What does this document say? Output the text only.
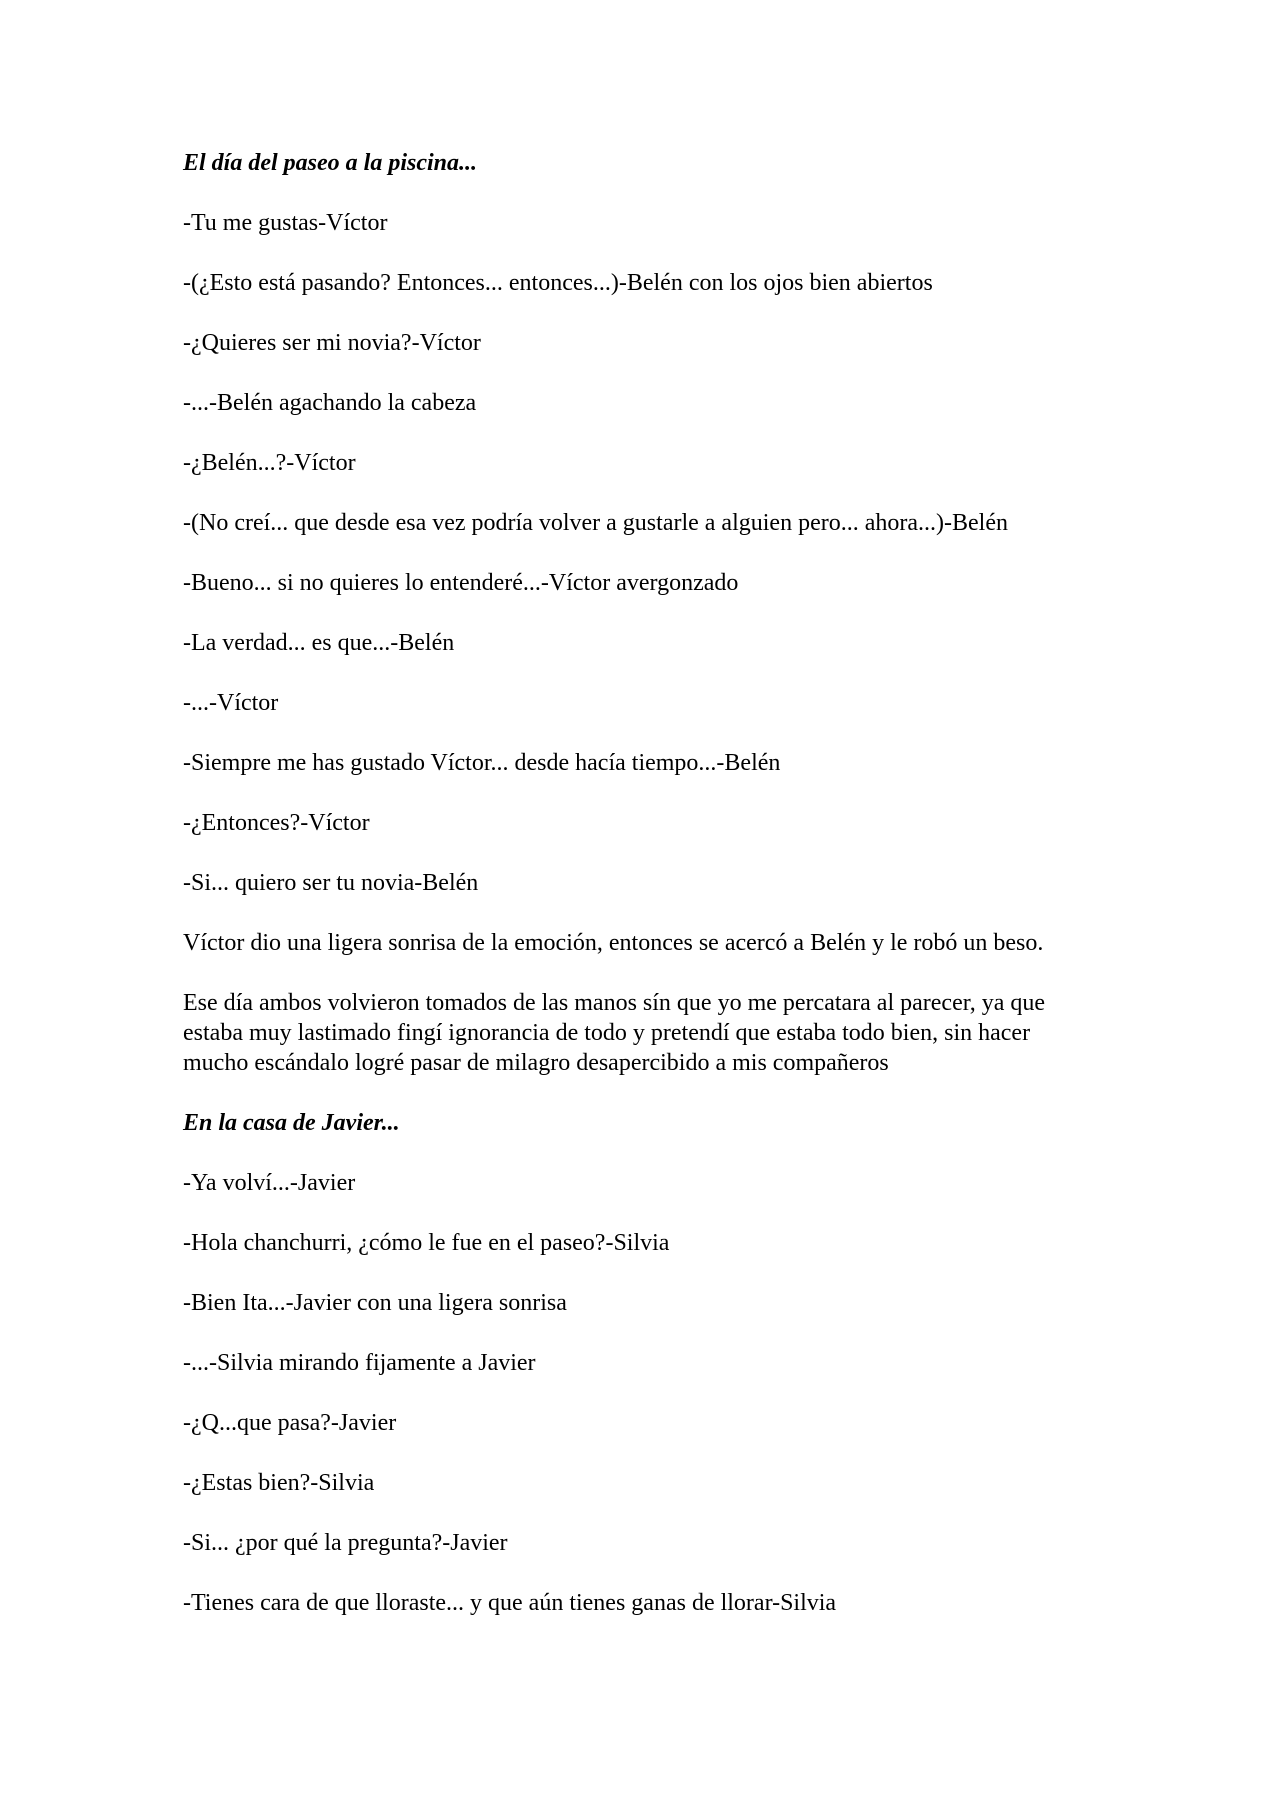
El día del paseo a la piscina...
-Tu me gustas-Víctor
-(¿Esto está pasando? Entonces... entonces...)-Belén con los ojos bien abiertos
-¿Quieres ser mi novia?-Víctor
-...-Belén agachando la cabeza
-¿Belén...?-Víctor
-(No creí... que desde esa vez podría volver a gustarle a alguien pero... ahora...)-Belén
-Bueno... si no quieres lo entenderé...-Víctor avergonzado
-La verdad... es que...-Belén
-...-Víctor
-Siempre me has gustado Víctor... desde hacía tiempo...-Belén
-¿Entonces?-Víctor
-Si... quiero ser tu novia-Belén
Víctor dio una ligera sonrisa de la emoción, entonces se acercó a Belén y le robó un beso.
Ese día ambos volvieron tomados de las manos sín que yo me percatara al parecer, ya que estaba muy lastimado fingí ignorancia de todo y pretendí que estaba todo bien, sin hacer mucho escándalo logré pasar de milagro desapercibido a mis compañeros
En la casa de Javier...
-Ya volví...-Javier
-Hola chanchurri, ¿cómo le fue en el paseo?-Silvia
-Bien Ita...-Javier con una ligera sonrisa
-...-Silvia mirando fijamente a Javier
-¿Q...que pasa?-Javier
-¿Estas bien?-Silvia
-Si... ¿por qué la pregunta?-Javier
-Tienes cara de que lloraste... y que aún tienes ganas de llorar-Silvia
